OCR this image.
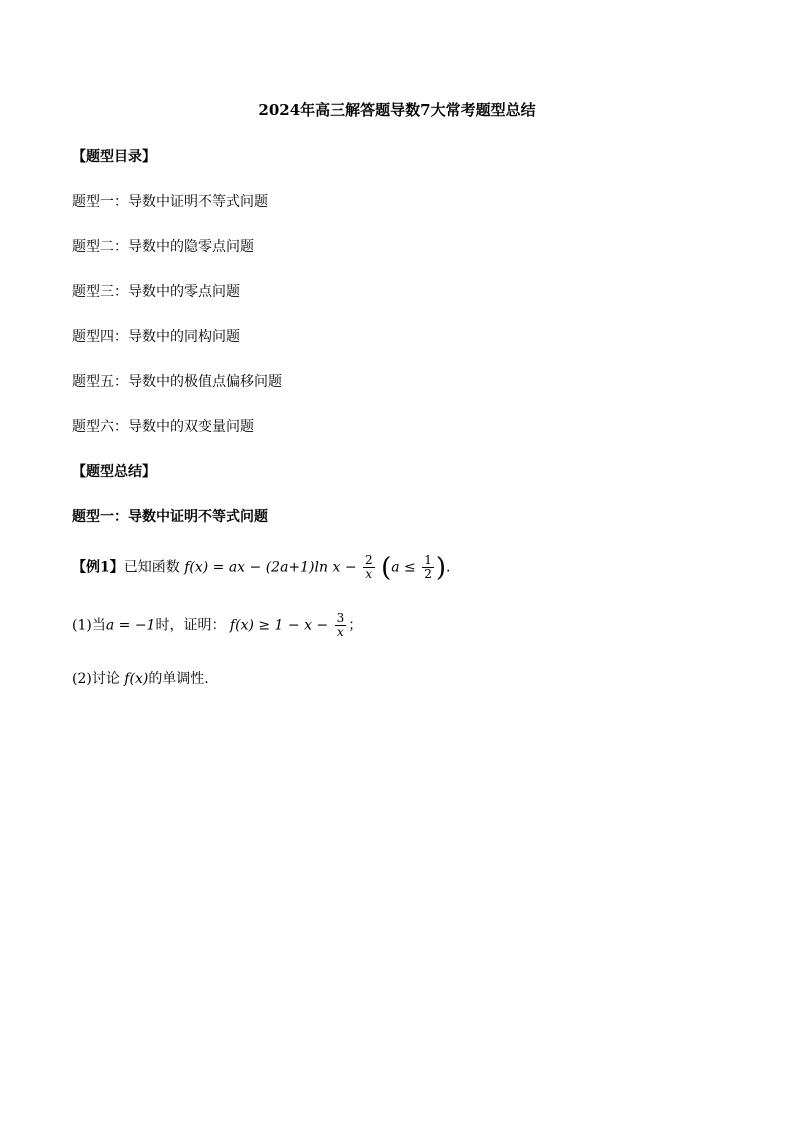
2024年高三解答题导数7大常考题型总结
【题型目录】
题型一：导数中证明不等式问题
题型二：导数中的隐零点问题
题型三：导数中的零点问题
题型四：导数中的同构问题
题型五：导数中的极值点偏移问题
题型六：导数中的双变量问题
【题型总结】
题型一：导数中证明不等式问题
【例1】已知函数 f(x) = ax − (2a+1)ln $x - \frac{2}{x} (a \le \frac{1}{2}$ ).
(1)当a = −1时，证明： $f(x) \ge 1 - x - \frac{3}{x}$ ；
(2)讨论 f(x)的单调性.
